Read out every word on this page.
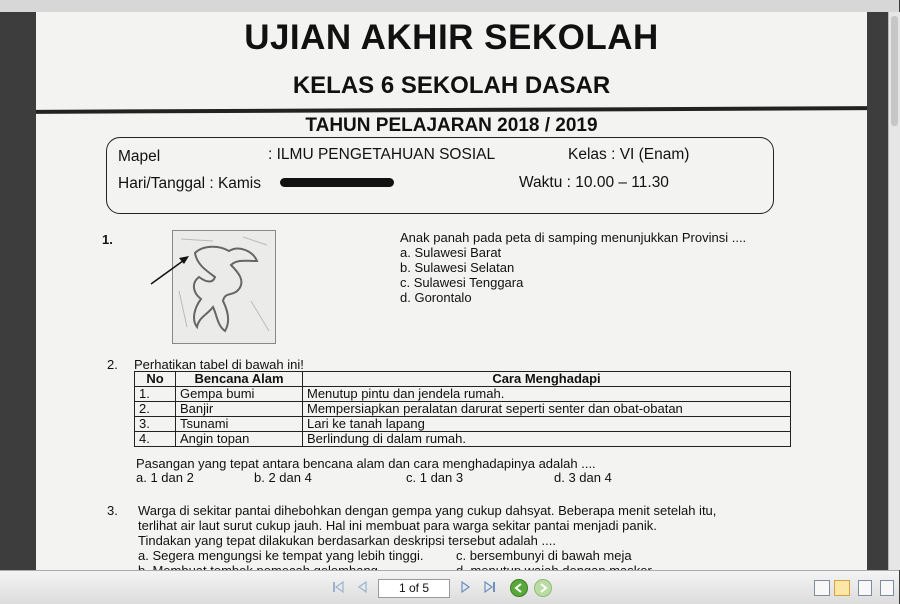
UJIAN AKHIR SEKOLAH
KELAS 6 SEKOLAH DASAR
TAHUN PELAJARAN 2018 / 2019
Mapel	: ILMU PENGETAHUAN SOSIAL	Kelas : VI (Enam)
Hari/Tanggal : Kamis	Waktu : 10.00 – 11.30
1.	Anak panah pada peta di samping menunjukkan Provinsi ....
a. Sulawesi Barat
b. Sulawesi Selatan
c. Sulawesi Tenggara
d. Gorontalo
2. Perhatikan tabel di bawah ini!
No	Bencana Alam	Cara Menghadapi
1.	Gempa bumi	Menutup pintu dan jendela rumah.
2.	Banjir	Mempersiapkan peralatan darurat seperti senter dan obat-obatan
3.	Tsunami	Lari ke tanah lapang
4.	Angin topan	Berlindung di dalam rumah.
Pasangan yang tepat antara bencana alam dan cara menghadapinya adalah ....
a. 1 dan 2	b. 2 dan 4	c. 1 dan 3	d. 3 dan 4
3. Warga di sekitar pantai dihebohkan dengan gempa yang cukup dahsyat. Beberapa menit setelah itu,
terlihat air laut surut cukup jauh. Hal ini membuat para warga sekitar pantai menjadi panik.
Tindakan yang tepat dilakukan berdasarkan deskripsi tersebut adalah ....
a. Segera mengungsi ke tempat yang lebih tinggi.	c. bersembunyi di bawah meja
1 of 5
